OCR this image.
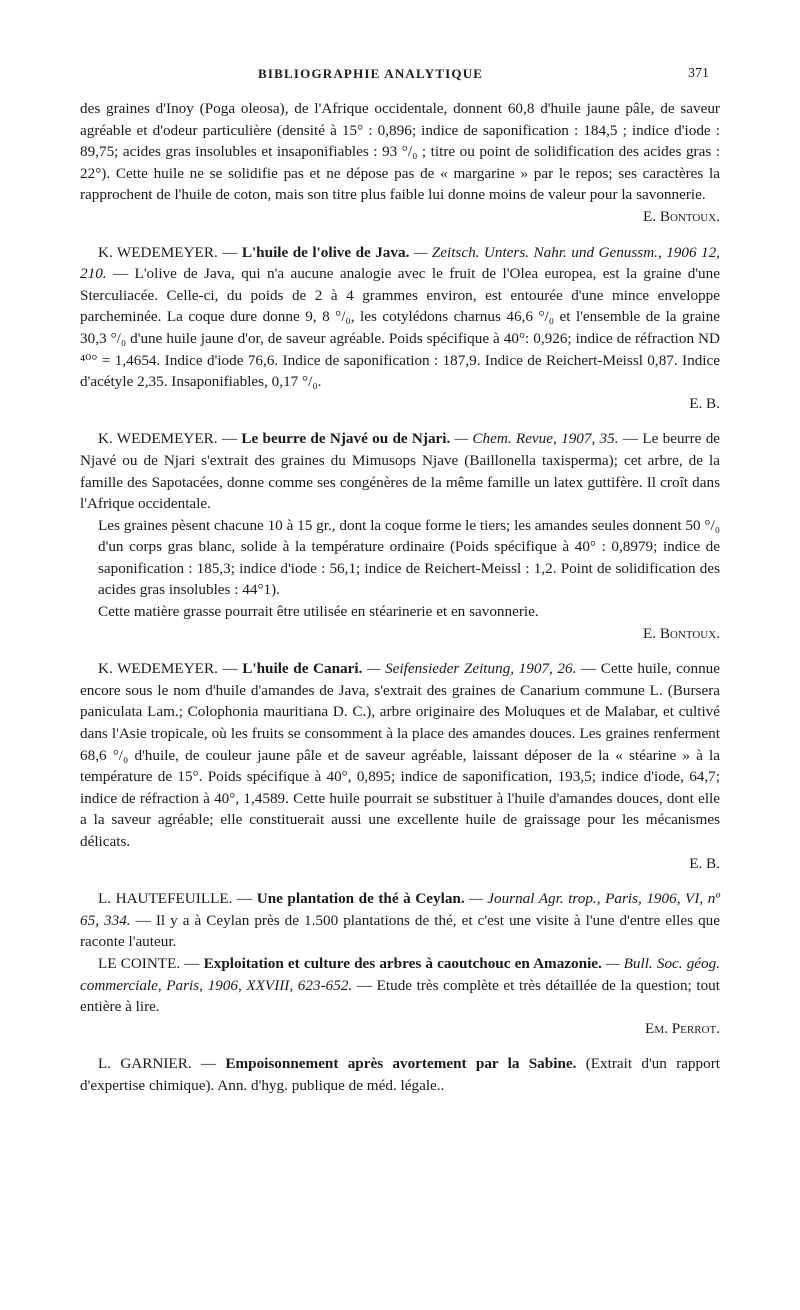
BIBLIOGRAPHIE ANALYTIQUE	371
des graines d'Inoy (Poga oleosa), de l'Afrique occidentale, donnent 60,8 d'huile jaune pâle, de saveur agréable et d'odeur particulière (densité à 15° : 0,896; indice de saponification : 184,5 ; indice d'iode : 89,75; acides gras insolubles et insaponifiables : 93 °/₀ ; titre ou point de solidification des acides gras : 22°). Cette huile ne se solidifie pas et ne dépose pas de « margarine » par le repos; ses caractères la rapprochent de l'huile de coton, mais son titre plus faible lui donne moins de valeur pour la savonnerie.
E. Bontoux.
K. WEDEMEYER. — L'huile de l'olive de Java. — Zeitsch. Unters. Nahr. und Genussm., 1906 12, 210. — L'olive de Java, qui n'a aucune analogie avec le fruit de l'Olea europea, est la graine d'une Sterculiacée. Celle-ci, du poids de 2 à 4 grammes environ, est entourée d'une mince enveloppe parcheminée. La coque dure donne 9, 8 °/₀, les cotylédons charnus 46,6 °/₀ et l'ensemble de la graine 30,3 °/₀ d'une huile jaune d'or, de saveur agréable. Poids spécifique à 40°: 0,926; indice de réfraction ND ⁴⁰° = 1,4654. Indice d'iode 76,6. Indice de saponification : 187,9. Indice de Reichert-Meissl 0,87. Indice d'acétyle 2,35. Insaponifiables, 0,17 °/₀.
E. B.
K. WEDEMEYER. — Le beurre de Njavé ou de Njari. — Chem. Revue, 1907, 35. — Le beurre de Njavé ou de Njari s'extrait des graines du Mimusops Njave (Baillonella taxisperma); cet arbre, de la famille des Sapotacées, donne comme ses congénères de la même famille un latex guttifère. Il croît dans l'Afrique occidentale.
Les graines pèsent chacune 10 à 15 gr., dont la coque forme le tiers; les amandes seules donnent 50 °/₀ d'un corps gras blanc, solide à la température ordinaire (Poids spécifique à 40° : 0,8979; indice de saponification : 185,3; indice d'iode : 56,1; indice de Reichert-Meissl : 1,2. Point de solidification des acides gras insolubles : 44°1).
Cette matière grasse pourrait être utilisée en stéarinerie et en savonnerie.
E. Bontoux.
K. WEDEMEYER. — L'huile de Canari. — Seifensieder Zeitung, 1907, 26. — Cette huile, connue encore sous le nom d'huile d'amandes de Java, s'extrait des graines de Canarium commune L. (Bursera paniculata Lam.; Colophonia mauritiana D. C.), arbre originaire des Moluques et de Malabar, et cultivé dans l'Asie tropicale, où les fruits se consomment à la place des amandes douces. Les graines renferment 68,6 °/₀ d'huile, de couleur jaune pâle et de saveur agréable, laissant déposer de la « stéarine » à la température de 15°. Poids spécifique à 40°, 0,895; indice de saponification, 193,5; indice d'iode, 64,7; indice de réfraction à 40°, 1,4589. Cette huile pourrait se substituer à l'huile d'amandes douces, dont elle a la saveur agréable; elle constituerait aussi une excellente huile de graissage pour les mécanismes délicats.
E. B.
L. HAUTEFEUILLE. — Une plantation de thé à Ceylan. — Journal Agr. trop., Paris, 1906, VI, nº 65, 334. — Il y a à Ceylan près de 1.500 plantations de thé, et c'est une visite à l'une d'entre elles que raconte l'auteur.
LE COINTE. — Exploitation et culture des arbres à caoutchouc en Amazonie. — Bull. Soc. géog. commerciale, Paris, 1906, XXVIII, 623-652. — Etude très complète et très détaillée de la question; tout entière à lire.
Em. Perrot.
L. GARNIER. — Empoisonnement après avortement par la Sabine. (Extrait d'un rapport d'expertise chimique). Ann. d'hyg. publique de méd. légale..
